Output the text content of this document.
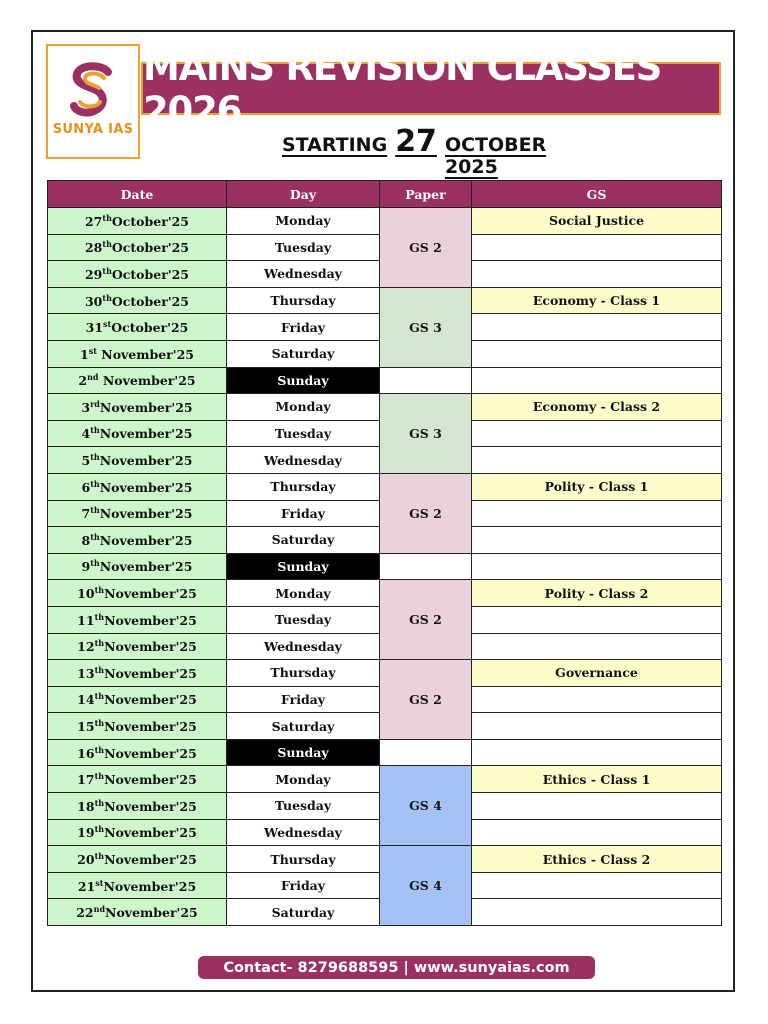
SUNYA IAS
MAINS REVISION CLASSES 2026
STARTING 27 OCTOBER 2025
Date	Day	Paper	GS
27thOctober'25	Monday	GS 2	Social Justice
28thOctober'25	Tuesday		
29thOctober'25	Wednesday		
30thOctober'25	Thursday	GS 3	Economy - Class 1
31stOctober'25	Friday		
1st November'25	Saturday		
2nd November'25	Sunday		
3rdNovember'25	Monday	GS 3	Economy - Class 2
4thNovember'25	Tuesday		
5thNovember'25	Wednesday		
6thNovember'25	Thursday	GS 2	Polity - Class 1
7thNovember'25	Friday		
8thNovember'25	Saturday		
9thNovember'25	Sunday		
10thNovember'25	Monday	GS 2	Polity - Class 2
11thNovember'25	Tuesday		
12thNovember'25	Wednesday		
13thNovember'25	Thursday	GS 2	Governance
14thNovember'25	Friday		
15thNovember'25	Saturday		
16thNovember'25	Sunday		
17thNovember'25	Monday	GS 4	Ethics - Class 1
18thNovember'25	Tuesday		
19thNovember'25	Wednesday		
20thNovember'25	Thursday	GS 4	Ethics - Class 2
21stNovember'25	Friday		
22ndNovember'25	Saturday		
Contact- 8279688595 | www.sunyaias.com
